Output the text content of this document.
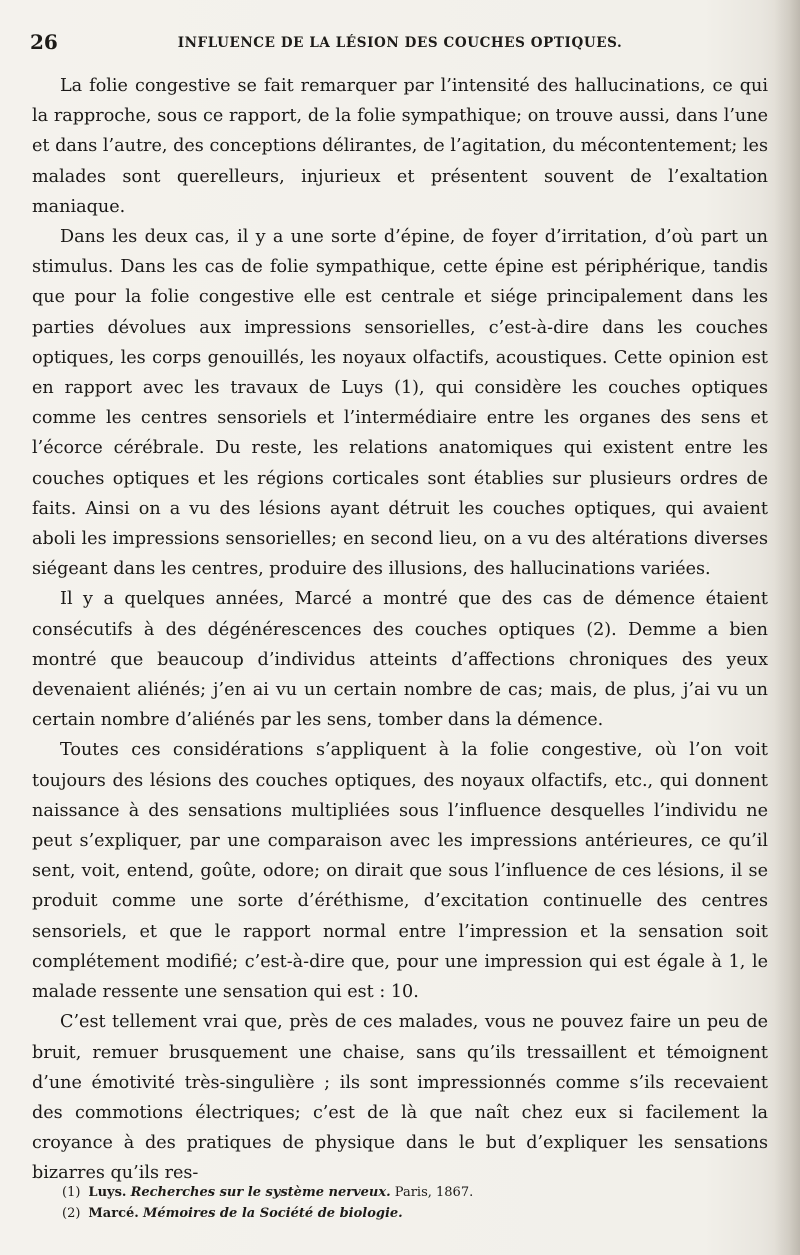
26	INFLUENCE DE LA LÉSION DES COUCHES OPTIQUES.

La folie congestive se fait remarquer par l’intensité des hallucinations, ce qui la rapproche, sous ce rapport, de la folie sympathique; on trouve aussi, dans l’une et dans l’autre, des conceptions délirantes, de l’agitation, du mécontentement; les malades sont querelleurs, injurieux et présentent souvent de l’exaltation maniaque.

Dans les deux cas, il y a une sorte d’épine, de foyer d’irritation, d’où part un stimulus. Dans les cas de folie sympathique, cette épine est périphérique, tandis que pour la folie congestive elle est centrale et siége principalement dans les parties dévolues aux impressions sensorielles, c’est-à-dire dans les couches optiques, les corps genouillés, les noyaux olfactifs, acoustiques. Cette opinion est en rapport avec les travaux de Luys (1), qui considère les couches optiques comme les centres sensoriels et l’intermédiaire entre les organes des sens et l’écorce cérébrale. Du reste, les relations anatomiques qui existent entre les couches optiques et les régions corticales sont établies sur plusieurs ordres de faits. Ainsi on a vu des lésions ayant détruit les couches optiques, qui avaient aboli les impressions sensorielles; en second lieu, on a vu des altérations diverses siégeant dans les centres, produire des illusions, des hallucinations variées.

Il y a quelques années, Marcé a montré que des cas de démence étaient consécutifs à des dégénérescences des couches optiques (2). Demme a bien montré que beaucoup d’individus atteints d’affections chroniques des yeux devenaient aliénés; j’en ai vu un certain nombre de cas; mais, de plus, j’ai vu un certain nombre d’aliénés par les sens, tomber dans la démence.

Toutes ces considérations s’appliquent à la folie congestive, où l’on voit toujours des lésions des couches optiques, des noyaux olfactifs, etc., qui donnent naissance à des sensations multipliées sous l’influence desquelles l’individu ne peut s’expliquer, par une comparaison avec les impressions antérieures, ce qu’il sent, voit, entend, goûte, odore; on dirait que sous l’influence de ces lésions, il se produit comme une sorte d’éréthisme, d’excitation continuelle des centres sensoriels, et que le rapport normal entre l’impression et la sensation soit complétement modifié; c’est-à-dire que, pour une impression qui est égale à 1, le malade ressente une sensation qui est : 10.

C’est tellement vrai que, près de ces malades, vous ne pouvez faire un peu de bruit, remuer brusquement une chaise, sans qu’ils tressaillent et témoignent d’une émotivité très-singulière ; ils sont impressionnés comme s’ils recevaient des commotions électriques; c’est de là que naît chez eux si facilement la croyance à des pratiques de physique dans le but d’expliquer les sensations bizarres qu’ils res-

(1) Luys. Recherches sur le système nerveux. Paris, 1867.
(2) Marcé. Mémoires de la Société de biologie.
